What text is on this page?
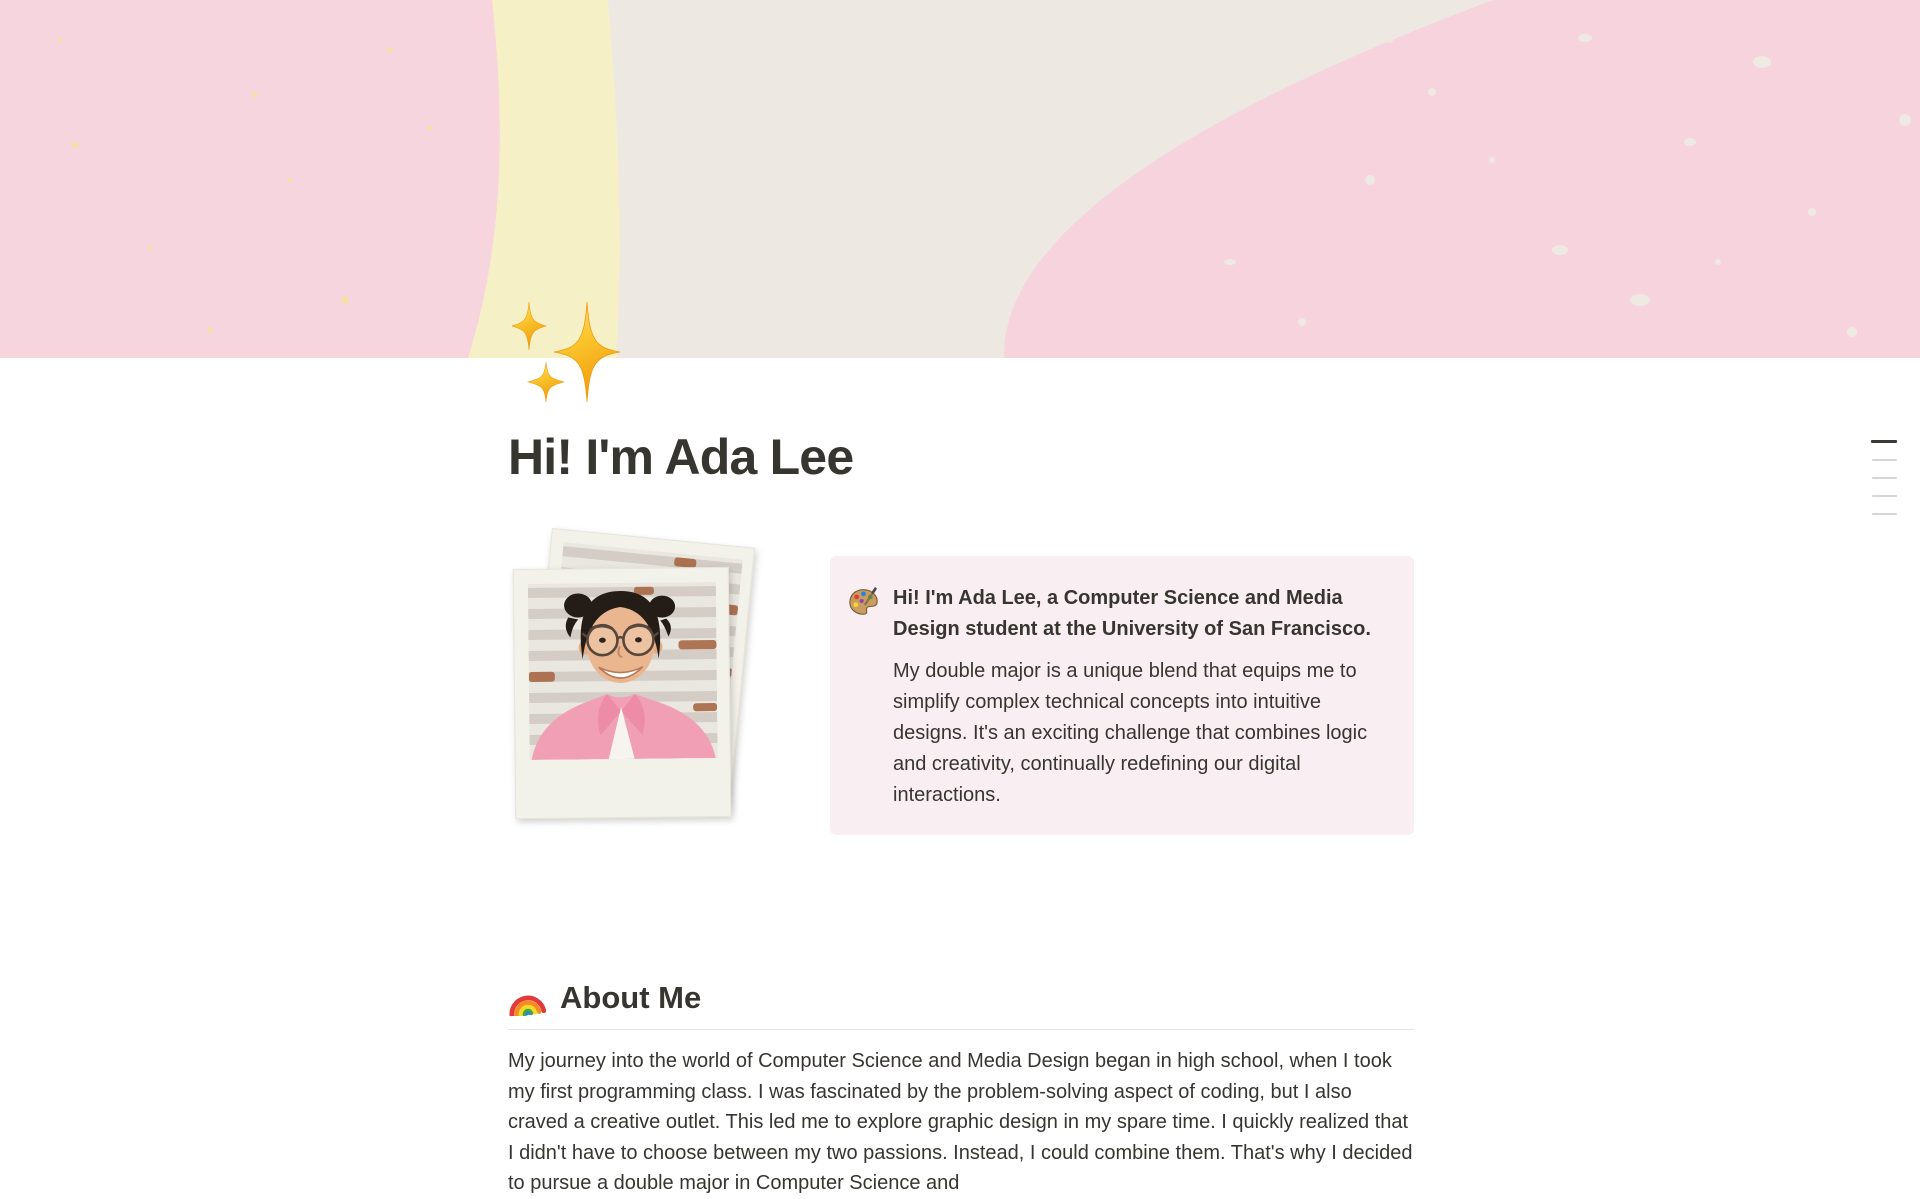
Hi! I'm Ada Lee
Hi! I'm Ada Lee, a Computer Science and Media Design student at the University of San Francisco.
My double major is a unique blend that equips me to simplify complex technical concepts into intuitive designs. It's an exciting challenge that combines logic and creativity, continually redefining our digital interactions.
About Me

My journey into the world of Computer Science and Media Design began in high school, when I took my first programming class. I was fascinated by the problem-solving aspect of coding, but I also craved a creative outlet. This led me to explore graphic design in my spare time. I quickly realized that I didn't have to choose between my two passions. Instead, I could combine them. That's why I decided to pursue a double major in Computer Science and
